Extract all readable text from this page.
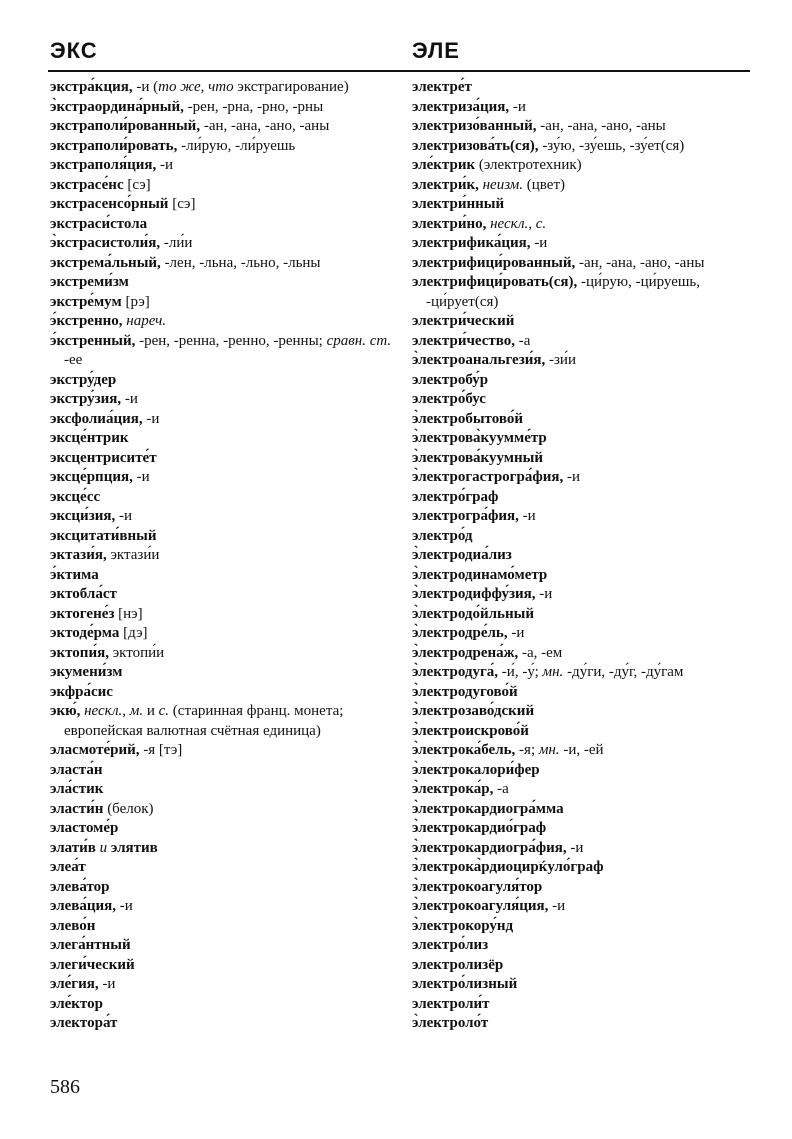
ЭКС	ЭЛЕ

экстра́кция, -и (то же, что экстрагирование)

э̀кстраордина́рный, -рен, -рна, -рно, -рны

экстраполи́рованный, -ан, -ана, -ано, -аны

экстраполи́ровать, -ли́рую, -ли́руешь

экстраполя́ция, -и

экстрасе́нс [сэ]

экстрасенсо́рный [сэ]

экстраси́стола

э̀кстрасистоли́я, -ли́и

экстрема́льный, -лен, -льна, -льно, -льны

экстреми́зм

экстре́мум [рэ]

э́кстренно, нареч.

э́кстренный, -рен, -ренна, -ренно, -ренны; сравн. ст. -ее

экстру́дер

экстру́зия, -и

эксфолиа́ция, -и

эксце́нтрик

эксцентрисите́т

эксце́рпция, -и

эксце́сс

эксци́зия, -и

эксцитати́вный

эктази́я, эктази́и

э́ктима

эктобла́ст

эктогене́з [нэ]

эктоде́рма [дэ]

эктопи́я, эктопи́и

экумени́зм

экфра́сис

экю́, нескл., м. и с. (старинная франц. монета; европейская валютная счётная единица)

эласмоте́рий, -я [тэ]

эласта́н

эла́стик

эласти́н (белок)

эластоме́р

элати́в и элятив

элеа́т

элева́тор

элева́ция, -и

элево́н

элега́нтный

элеги́ческий

эле́гия, -и

эле́ктор

электора́т

электре́т

электриза́ция, -и

электризо́ванный, -ан, -ана, -ано, -аны

электризова́ть(ся), -зу́ю, -зу́ешь, -зу́ет(ся)

эле́ктрик (электротехник)

электри́к, неизм. (цвет)

электри́нный

электри́но, нескл., с.

электрифика́ция, -и

электрифици́рованный, -ан, -ана, -ано, -аны

электрифици́ровать(ся), -ци́рую, -ци́руешь, -ци́рует(ся)

электри́ческий

электри́чество, -а

э̀лектроанальгези́я, -зи́и

электробу́р

электро́бус

э̀лектробытово́й

э̀лектрова̀куумме́тр

э̀лектрова́куумный

э̀лектрогастрогра́фия, -и

электро́граф

электрогра́фия, -и

электро́д

э̀лектродиа́лиз

э̀лектродинамо́метр

э̀лектродиффу́зия, -и

э̀лектродо́йльный

э̀лектродре́ль, -и

э̀лектродрена́ж, -а, -ем

э̀лектродуга́, -и́, -у́; мн. -ду́ги, -ду́г, -ду́гам

э̀лектродугово́й

э̀лектрозаво́дский

э̀лектроискрово́й

э̀лектрока́бель, -я; мн. -и, -ей

э̀лектрокалори́фер

э̀лектрока́р, -а

э̀лектрокардиогра́мма

э̀лектрокардио́граф

э̀лектрокардиогра́фия, -и

э̀лектрока̀рдиоцирќуло́граф

э̀лектрокоагуля́тор

э̀лектрокоагуля́ция, -и

э̀лектрокору́нд

электро́лиз

электролизёр

электро́лизный

электроли́т

э̀лектроло́т

586
